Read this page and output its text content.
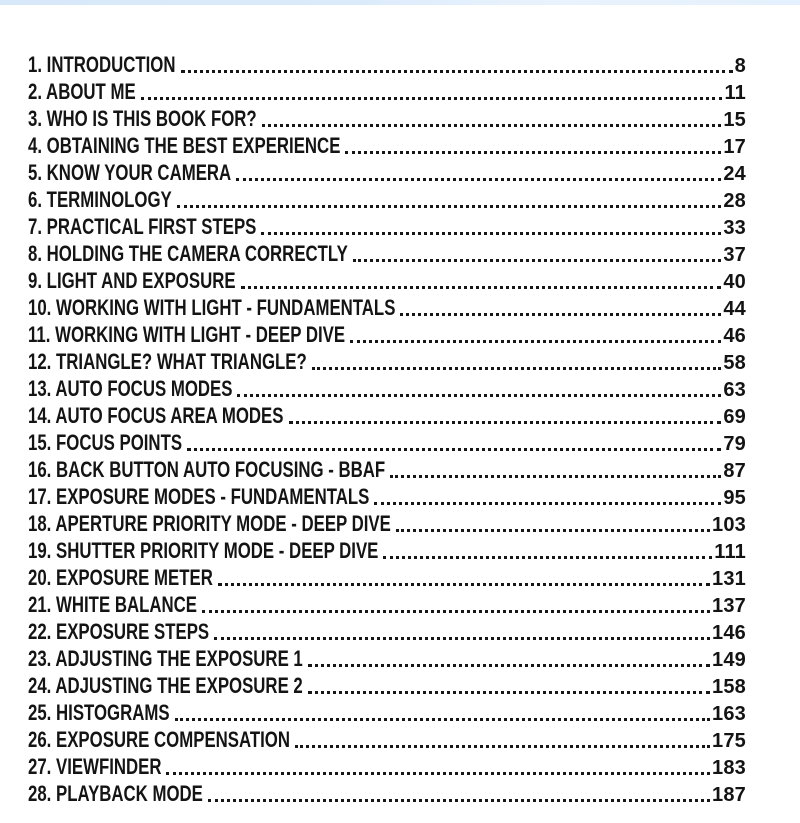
1. INTRODUCTION	8
2. ABOUT ME	11
3. WHO IS THIS BOOK FOR?	15
4. OBTAINING THE BEST EXPERIENCE	17
5. KNOW YOUR CAMERA	24
6. TERMINOLOGY	28
7. PRACTICAL FIRST STEPS	33
8. HOLDING THE CAMERA CORRECTLY	37
9. LIGHT AND EXPOSURE	40
10. WORKING WITH LIGHT - FUNDAMENTALS	44
11. WORKING WITH LIGHT - DEEP DIVE	46
12. TRIANGLE? WHAT TRIANGLE?	58
13. AUTO FOCUS MODES	63
14. AUTO FOCUS AREA MODES	69
15. FOCUS POINTS	79
16. BACK BUTTON AUTO FOCUSING - BBAF	87
17. EXPOSURE MODES - FUNDAMENTALS	95
18. APERTURE PRIORITY MODE - DEEP DIVE	103
19. SHUTTER PRIORITY MODE - DEEP DIVE	111
20. EXPOSURE METER	131
21. WHITE BALANCE	137
22. EXPOSURE STEPS	146
23. ADJUSTING THE EXPOSURE 1	149
24. ADJUSTING THE EXPOSURE 2	158
25. HISTOGRAMS	163
26. EXPOSURE COMPENSATION	175
27. VIEWFINDER	183
28. PLAYBACK MODE	187
